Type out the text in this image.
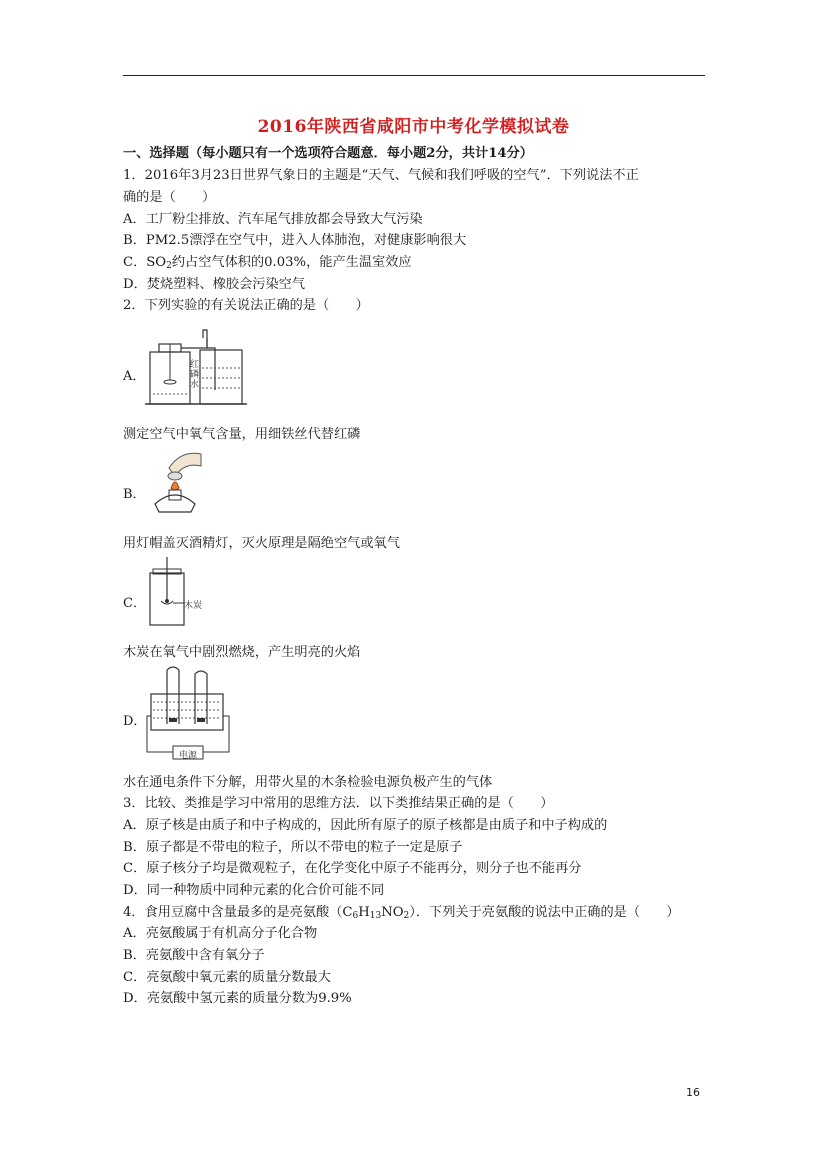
2016年陕西省咸阳市中考化学模拟试卷
一、选择题（每小题只有一个选项符合题意．每小题2分，共计14分）
1．2016年3月23日世界气象日的主题是“天气、气候和我们呼吸的空气”．下列说法不正
确的是（　　）
A．工厂粉尘排放、汽车尾气排放都会导致大气污染
B．PM2.5漂浮在空气中，进入人体肺泡，对健康影响很大
C．$SO_2$约占空气体积的0.03%，能产生温室效应
D．焚烧塑料、橡胶会污染空气
2．下列实验的有关说法正确的是（　　）
A．
红磷水
测定空气中氧气含量，用细铁丝代替红磷
B．
用灯帽盖灭酒精灯，灭火原理是隔绝空气或氧气
C．	木炭
木炭在氧气中剧烈燃烧，产生明亮的火焰
D．
电源
水在通电条件下分解，用带火星的木条检验电源负极产生的气体
3．比较、类推是学习中常用的思维方法．以下类推结果正确的是（　　）
A．原子核是由质子和中子构成的，因此所有原子的原子核都是由质子和中子构成的
B．原子都是不带电的粒子，所以不带电的粒子一定是原子
C．原子核分子均是微观粒子，在化学变化中原子不能再分，则分子也不能再分
D．同一种物质中同种元素的化合价可能不同
4．食用豆腐中含量最多的是亮氨酸$(C_6H_{13}NO_2)$．下列关于亮氨酸的说法中正确的是（　　）
A．亮氨酸属于有机高分子化合物
B．亮氨酸中含有氧分子
C．亮氨酸中氧元素的质量分数最大
D．亮氨酸中氢元素的质量分数为9.9%
16
